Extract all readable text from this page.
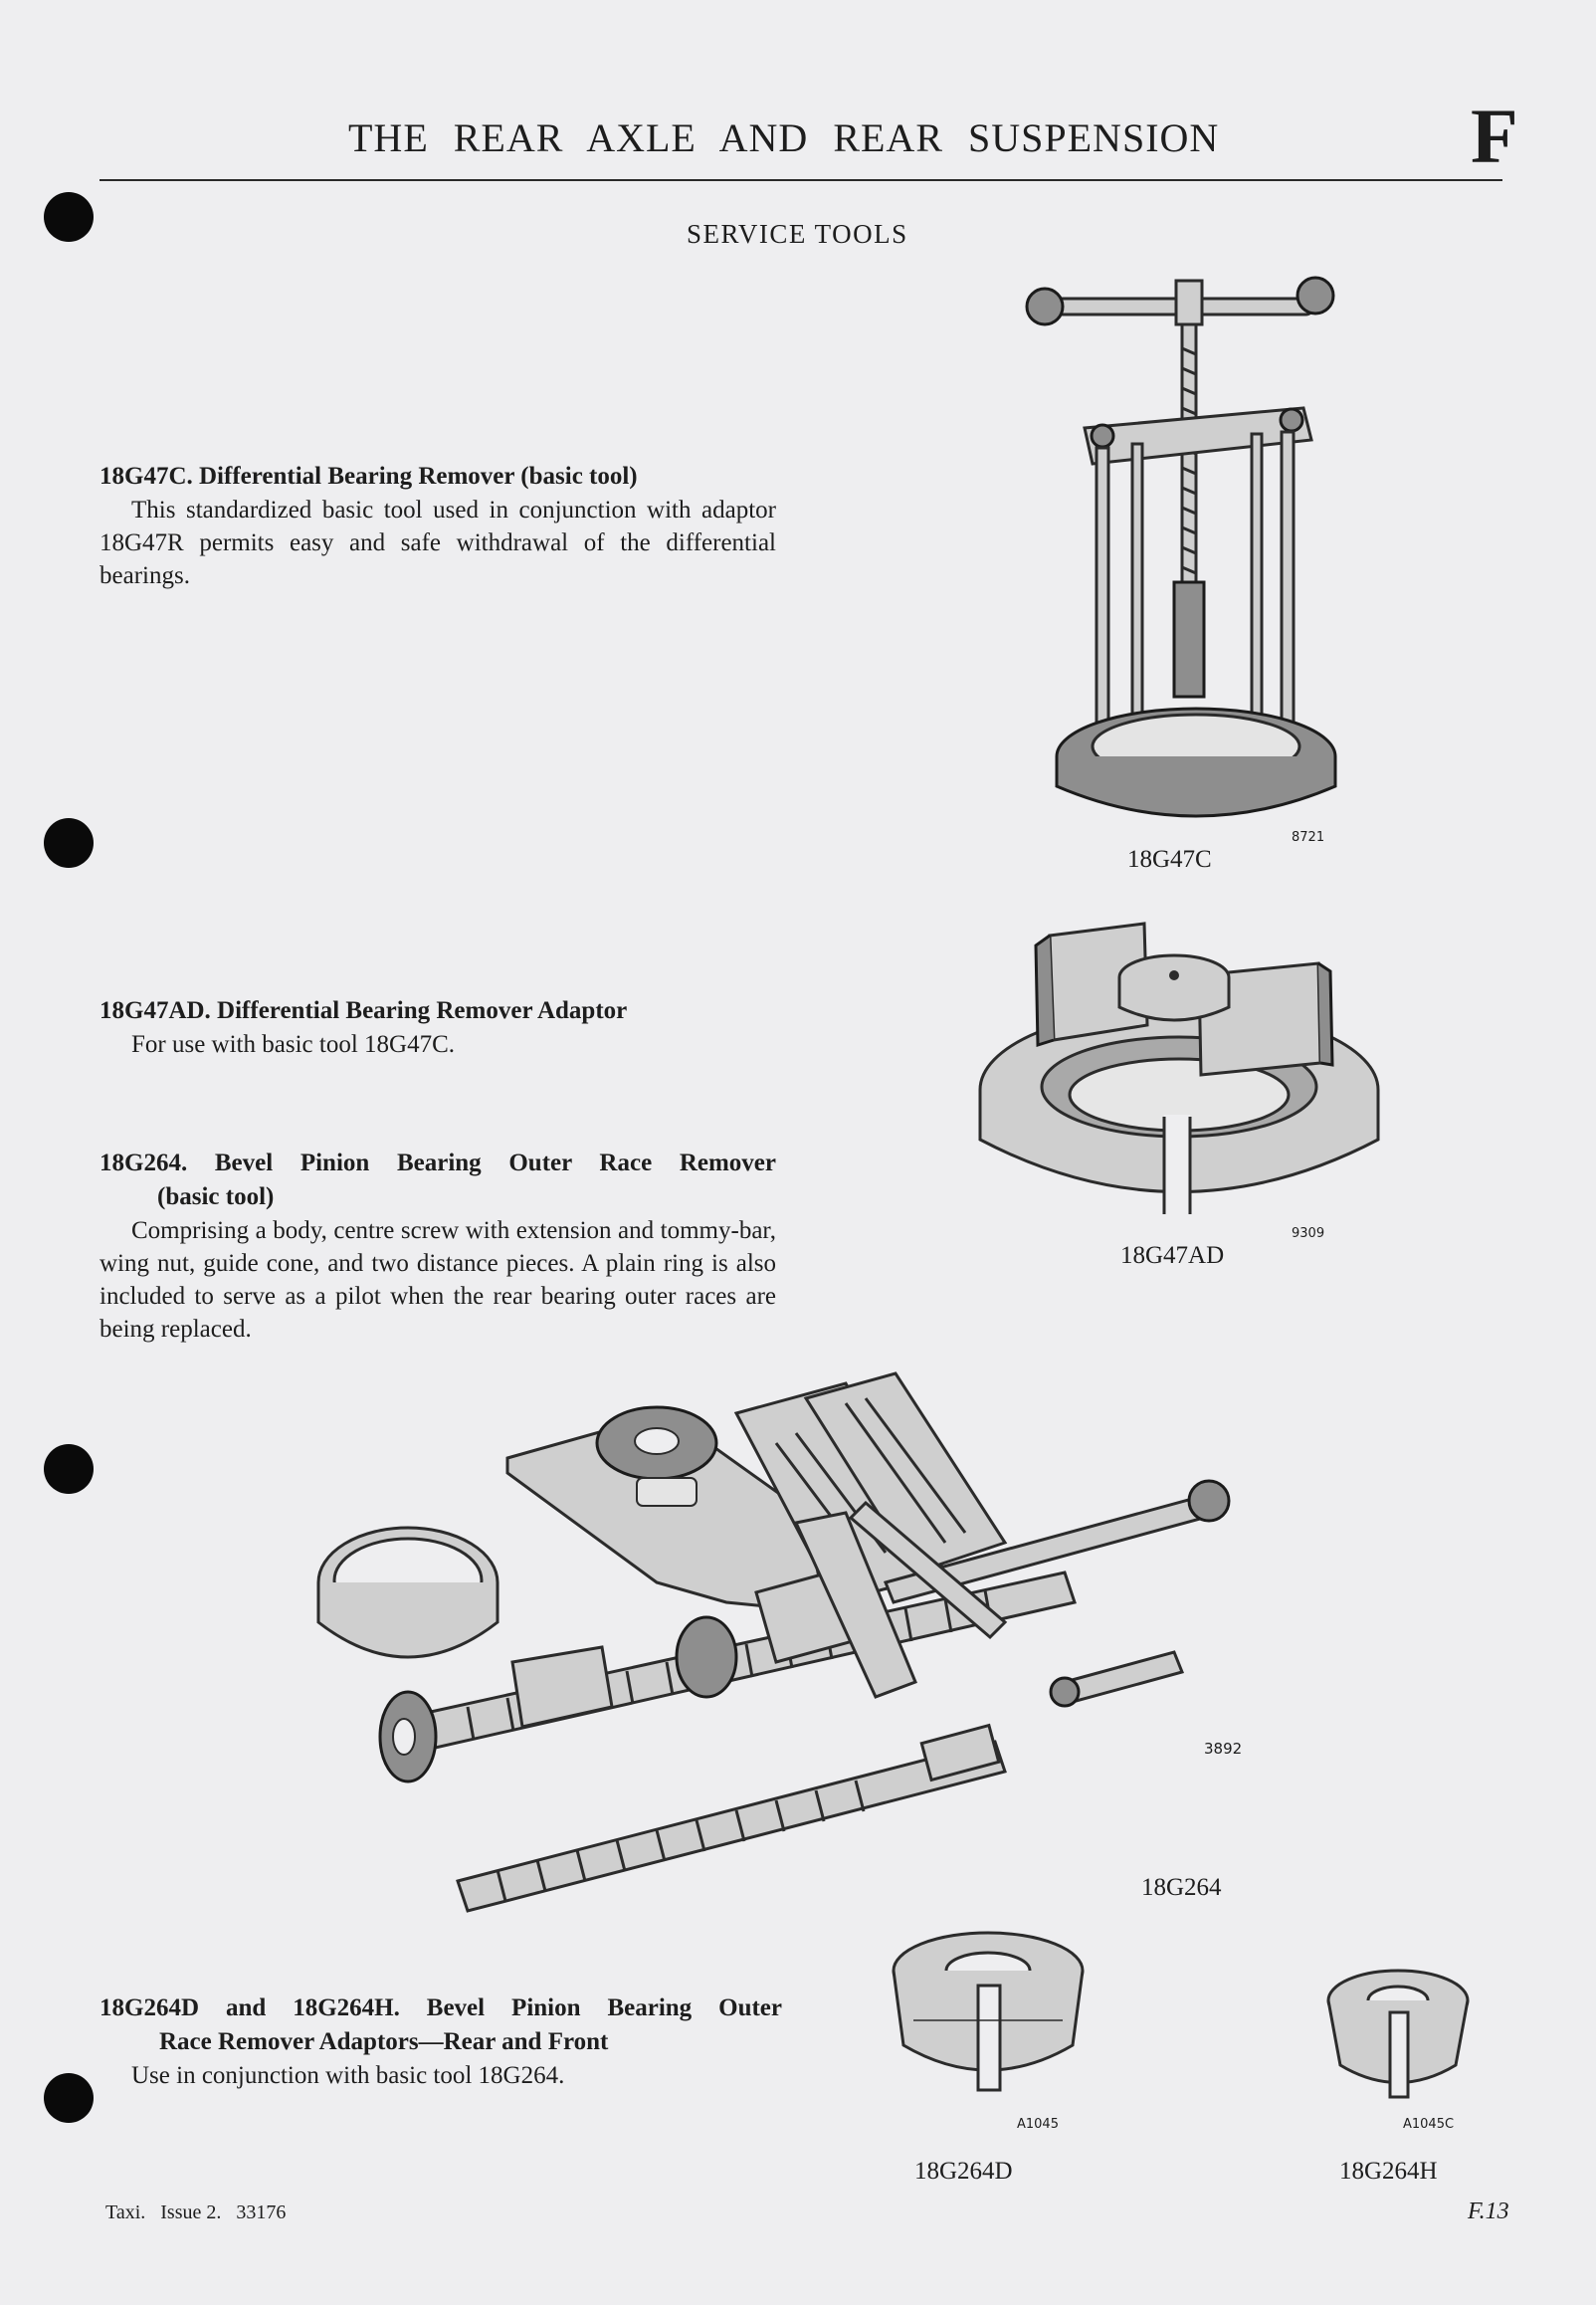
THE REAR AXLE AND REAR SUSPENSION	F
SERVICE TOOLS
18G47C. Differential Bearing Remover (basic tool)
This standardized basic tool used in conjunction with adaptor 18G47R permits easy and safe withdrawal of the differential bearings.
18G47AD. Differential Bearing Remover Adaptor
For use with basic tool 18G47C.
18G264. Bevel Pinion Bearing Outer Race Remover
(basic tool)
Comprising a body, centre screw with extension and tommy-bar, wing nut, guide cone, and two distance pieces. A plain ring is also included to serve as a pilot when the rear bearing outer races are being replaced.
18G264D and 18G264H. Bevel Pinion Bearing Outer
Race Remover Adaptors—Rear and Front
Use in conjunction with basic tool 18G264.
18G47C
8721
18G47AD
9309
3892
18G264
A1045
18G264D
A1045C
18G264H
Taxi.   Issue 2.   33176	F.13
